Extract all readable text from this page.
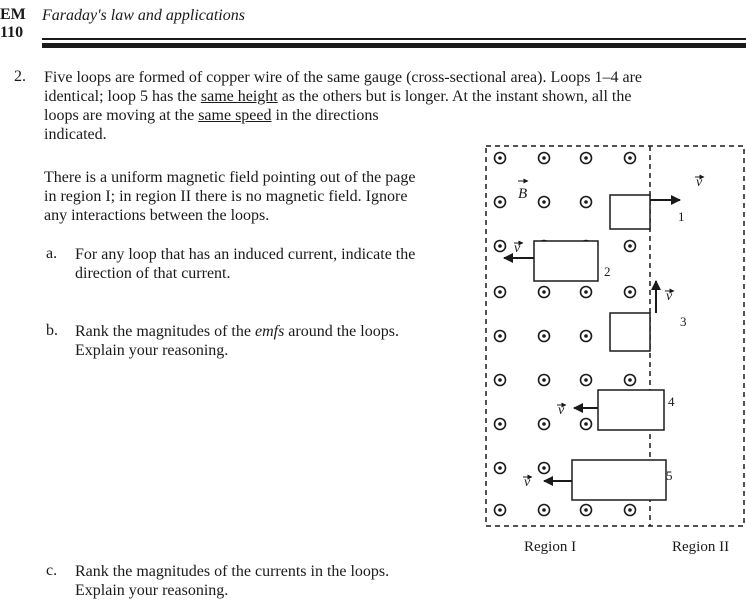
EM
110
Faraday's law and applications
2. Five loops are formed of copper wire of the same gauge (cross-sectional area). Loops 1–4 are
identical; loop 5 has the same height as the others but is longer. At the instant shown, all the
loops are moving at the same speed in the directions
indicated.
There is a uniform magnetic field pointing out of the page
in region I; in region II there is no magnetic field. Ignore
any interactions between the loops.
a. For any loop that has an induced current, indicate the
direction of that current.
b. Rank the magnitudes of the emfs around the loops.
Explain your reasoning.
c. Rank the magnitudes of the currents in the loops.
Explain your reasoning.
B
1
v
2
v
3
v
4
v
5
v
Region I	Region II
